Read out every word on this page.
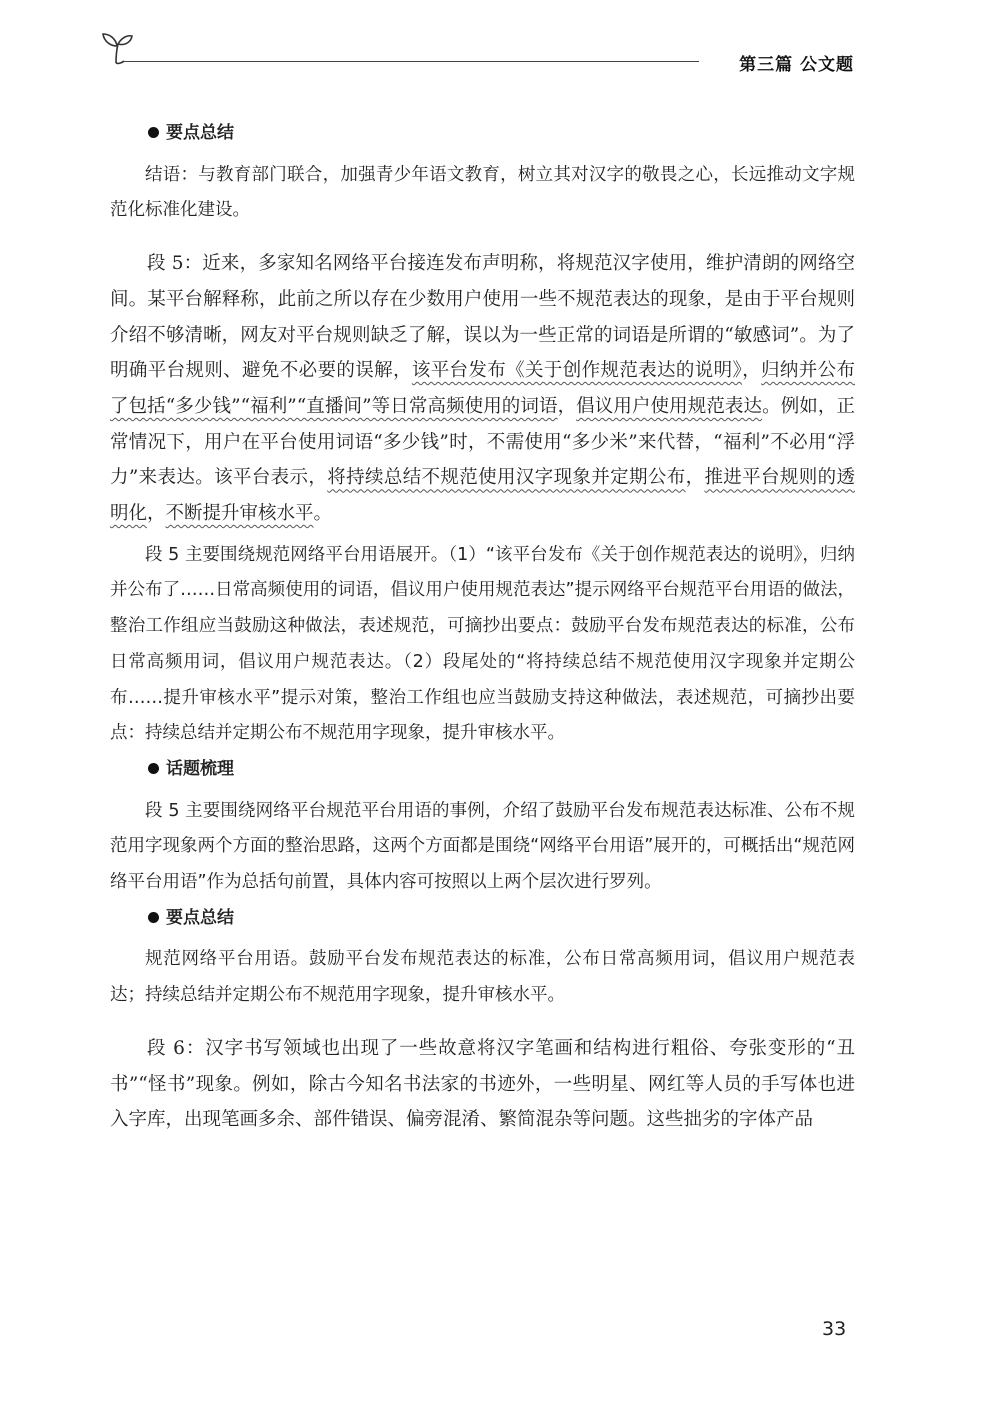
第三篇 公文题

要点总结

结语：与教育部门联合，加强青少年语文教育，树立其对汉字的敬畏之心，长远推动文字规范化标准化建设。

段 5：近来，多家知名网络平台接连发布声明称，将规范汉字使用，维护清朗的网络空间。某平台解释称，此前之所以存在少数用户使用一些不规范表达的现象，是由于平台规则介绍不够清晰，网友对平台规则缺乏了解，误以为一些正常的词语是所谓的“敏感词”。为了明确平台规则、避免不必要的误解，该平台发布《关于创作规范表达的说明》，归纳并公布了包括“多少钱”“福利”“直播间”等日常高频使用的词语，倡议用户使用规范表达。例如，正常情况下，用户在平台使用词语“多少钱”时，不需使用“多少米”来代替，“福利”不必用“浮力”来表达。该平台表示，将持续总结不规范使用汉字现象并定期公布，推进平台规则的透明化，不断提升审核水平。

段 5 主要围绕规范网络平台用语展开。（1）“该平台发布《关于创作规范表达的说明》，归纳并公布了……日常高频使用的词语，倡议用户使用规范表达”提示网络平台规范平台用语的做法，整治工作组应当鼓励这种做法，表述规范，可摘抄出要点：鼓励平台发布规范表达的标准，公布日常高频用词，倡议用户规范表达。（2）段尾处的“将持续总结不规范使用汉字现象并定期公布……提升审核水平”提示对策，整治工作组也应当鼓励支持这种做法，表述规范，可摘抄出要点：持续总结并定期公布不规范用字现象，提升审核水平。

话题梳理

段 5 主要围绕网络平台规范平台用语的事例，介绍了鼓励平台发布规范表达标准、公布不规范用字现象两个方面的整治思路，这两个方面都是围绕“网络平台用语”展开的，可概括出“规范网络平台用语”作为总括句前置，具体内容可按照以上两个层次进行罗列。

要点总结

规范网络平台用语。鼓励平台发布规范表达的标准，公布日常高频用词，倡议用户规范表达；持续总结并定期公布不规范用字现象，提升审核水平。

段 6：汉字书写领域也出现了一些故意将汉字笔画和结构进行粗俗、夸张变形的“丑书”“怪书”现象。例如，除古今知名书法家的书迹外，一些明星、网红等人员的手写体也进入字库，出现笔画多余、部件错误、偏旁混淆、繁简混杂等问题。这些拙劣的字体产品

33
